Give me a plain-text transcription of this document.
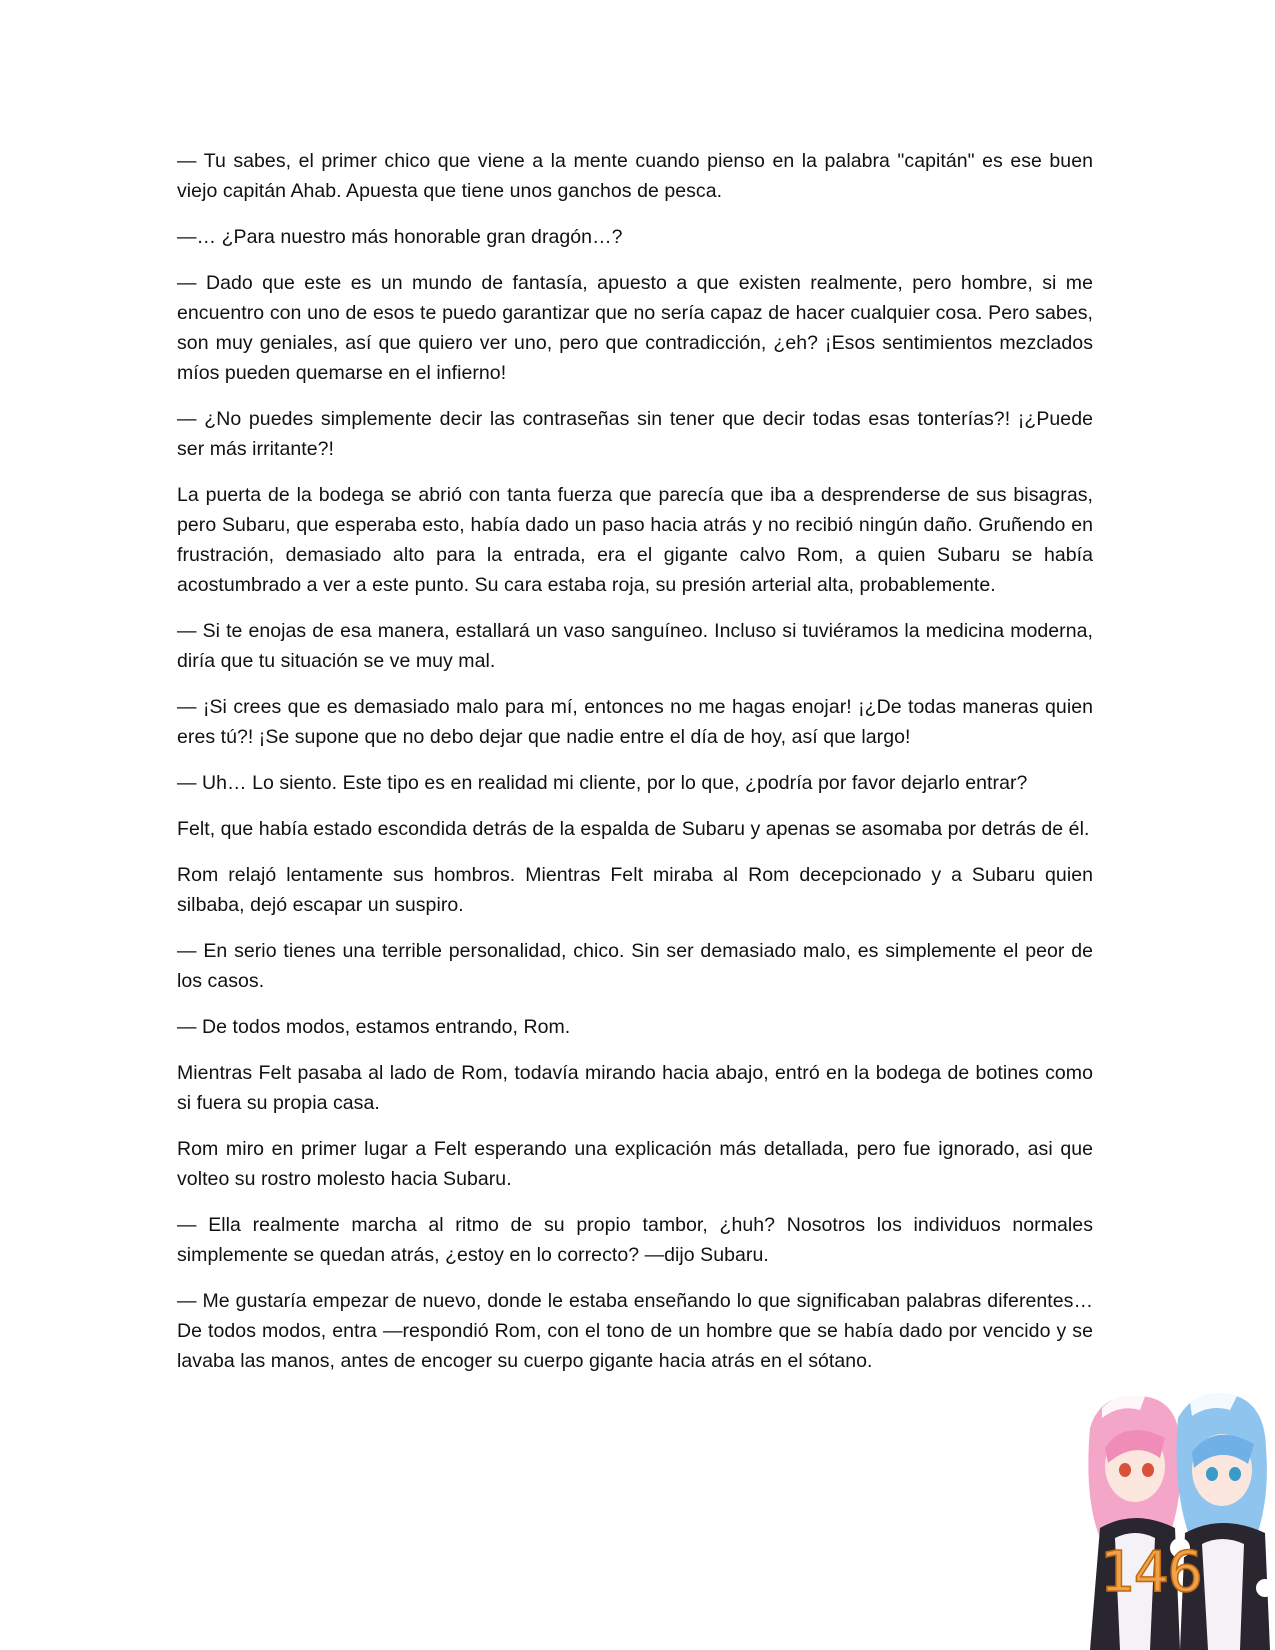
— Tu sabes, el primer chico que viene a la mente cuando pienso en la palabra "capitán" es ese buen viejo capitán Ahab. Apuesta que tiene unos ganchos de pesca.

—… ¿Para nuestro más honorable gran dragón…?

— Dado que este es un mundo de fantasía, apuesto a que existen realmente, pero hombre, si me encuentro con uno de esos te puedo garantizar que no sería capaz de hacer cualquier cosa. Pero sabes, son muy geniales, así que quiero ver uno, pero que contradicción, ¿eh? ¡Esos sentimientos mezclados míos pueden quemarse en el infierno!

— ¿No puedes simplemente decir las contraseñas sin tener que decir todas esas tonterías?! ¡¿Puede ser más irritante?!

La puerta de la bodega se abrió con tanta fuerza que parecía que iba a desprenderse de sus bisagras, pero Subaru, que esperaba esto, había dado un paso hacia atrás y no recibió ningún daño. Gruñendo en frustración, demasiado alto para la entrada, era el gigante calvo Rom, a quien Subaru se había acostumbrado a ver a este punto. Su cara estaba roja, su presión arterial alta, probablemente.

— Si te enojas de esa manera, estallará un vaso sanguíneo. Incluso si tuviéramos la medicina moderna, diría que tu situación se ve muy mal.

— ¡Si crees que es demasiado malo para mí, entonces no me hagas enojar! ¡¿De todas maneras quien eres tú?! ¡Se supone que no debo dejar que nadie entre el día de hoy, así que largo!

— Uh… Lo siento. Este tipo es en realidad mi cliente, por lo que, ¿podría por favor dejarlo entrar?

Felt, que había estado escondida detrás de la espalda de Subaru y apenas se asomaba por detrás de él.

Rom relajó lentamente sus hombros. Mientras Felt miraba al Rom decepcionado y a Subaru quien silbaba, dejó escapar un suspiro.

— En serio tienes una terrible personalidad, chico. Sin ser demasiado malo, es simplemente el peor de los casos.

— De todos modos, estamos entrando, Rom.

Mientras Felt pasaba al lado de Rom, todavía mirando hacia abajo, entró en la bodega de botines como si fuera su propia casa.

Rom miro en primer lugar a Felt esperando una explicación más detallada, pero fue ignorado, asi que volteo su rostro molesto hacia Subaru.

— Ella realmente marcha al ritmo de su propio tambor, ¿huh? Nosotros los individuos normales simplemente se quedan atrás, ¿estoy en lo correcto? —dijo Subaru.

— Me gustaría empezar de nuevo, donde le estaba enseñando lo que significaban palabras diferentes… De todos modos, entra —respondió Rom, con el tono de un hombre que se había dado por vencido y se lavaba las manos, antes de encoger su cuerpo gigante hacia atrás en el sótano.

146
